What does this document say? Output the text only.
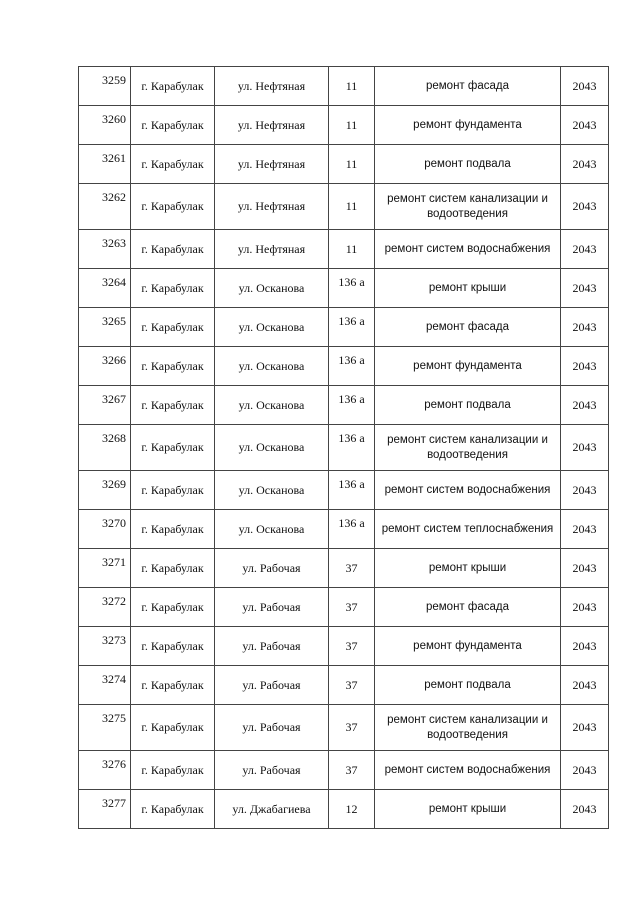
3259	г. Карабулак	ул. Нефтяная	11	ремонт фасада	2043
3260	г. Карабулак	ул. Нефтяная	11	ремонт фундамента	2043
3261	г. Карабулак	ул. Нефтяная	11	ремонт подвала	2043
3262	г. Карабулак	ул. Нефтяная	11	ремонт систем канализации и водоотведения	2043
3263	г. Карабулак	ул. Нефтяная	11	ремонт систем водоснабжения	2043
3264	г. Карабулак	ул. Осканова	136 а	ремонт крыши	2043
3265	г. Карабулак	ул. Осканова	136 а	ремонт фасада	2043
3266	г. Карабулак	ул. Осканова	136 а	ремонт фундамента	2043
3267	г. Карабулак	ул. Осканова	136 а	ремонт подвала	2043
3268	г. Карабулак	ул. Осканова	136 а	ремонт систем канализации и водоотведения	2043
3269	г. Карабулак	ул. Осканова	136 а	ремонт систем водоснабжения	2043
3270	г. Карабулак	ул. Осканова	136 а	ремонт систем теплоснабжения	2043
3271	г. Карабулак	ул. Рабочая	37	ремонт крыши	2043
3272	г. Карабулак	ул. Рабочая	37	ремонт фасада	2043
3273	г. Карабулак	ул. Рабочая	37	ремонт фундамента	2043
3274	г. Карабулак	ул. Рабочая	37	ремонт подвала	2043
3275	г. Карабулак	ул. Рабочая	37	ремонт систем канализации и водоотведения	2043
3276	г. Карабулак	ул. Рабочая	37	ремонт систем водоснабжения	2043
3277	г. Карабулак	ул. Джабагиева	12	ремонт крыши	2043
